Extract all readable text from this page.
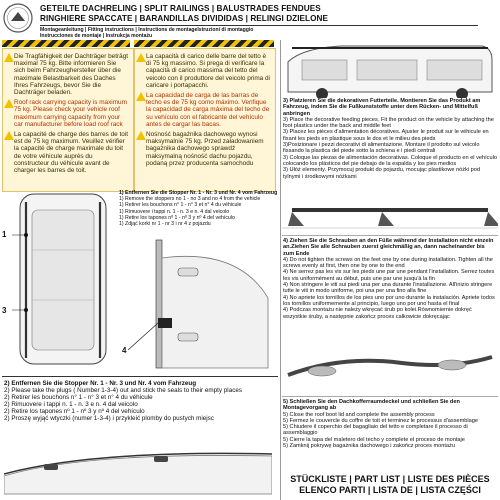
GETEILTE DACHRELING | SPLIT RAILINGS | BALUSTRADES FENDUES
RINGHIERE SPACCATE | BARANDILLAS DIVIDIDAS | RELINGI DZIELONE
Montageanleitung | Fitting instructions | Instructions de montageIstruzioni di montaggio
Instrucciones de montaje | Instrukcja montażu
Die Tragfähigkeit der Dachträger beträgt maximal 75 kg. Bitte informieren Sie sich beim Fahrzeughersteller über die maximale Belastbarkeit des Daches Ihres Fahrzeugs, bevor Sie die Dachträger beladen.
Roof rack carrying capacity is maximum 75 kg. Please check your vehicle roof maximum carrying capacity from your car manufacturer before load roof rack
La capacité de charge des barres de toit est de 75 kg maximum. Veuillez vérifier la capacité de charge maximale du toit de votre véhicule auprès du constructeur du véhicule avant de charger les barres de toit.
La capacità di carico delle barre del tetto è di 75 kg massimo. Si prega di verificare la capacità di carico massima del tetto del veicolo con il produttore del veicolo prima di caricare i portapacchi.
La capacidad de carga de las barras de techo es de 75 kg como máximo. Verifique la capacidad de carga máxima del techo de su vehículo con el fabricante del vehículo antes de cargar las bacas.
Nośność bagażnika dachowego wynosi maksymalnie 75 kg. Przed załadowaniem bagażnika dachowego sprawdź maksymalną nośność dachu pojazdu, podaną przez producenta samochodu
1
3
4
1) Entfernen Sie die Stopper Nr. 1 - Nr. 3 und Nr. 4 vom Fahrzeug
1) Remove the stoppers no 1 - no 3 and no 4 from the vehicle
1) Retirer les bouchons n° 1 - n° 3 et n° 4 du véhicule
1) Rimuovere i tappi n. 1 - n. 3 e n. 4 dal veicolo
1) Retire los tapones nº 1 - nº 3 y nº 4 del vehículo
1) Zdjąć korki nr 1 - nr 3 i nr 4 z pojazdu
2) Entfernen Sie die Stopper Nr. 1 - Nr. 3 und Nr. 4 vom Fahrzeug
2) Please take the plugs ( Number 1-3-4) out and stick the seals to their empty places
2) Retirer les bouchons n° 1 - n° 3 et n° 4 du véhicule
2) Rimuovere i tappi n. 1 - n. 3 e n. 4 dal veicolo
2) Retire los tapones nº 1 - nº 3 y nº 4 del vehículo
2) Proszę wyjąć wtyczki (numer 1-3-4) i przykleić plomby do pustych miejsc
3) Platzieren Sie die dekorativen Futterteile. Montieren Sie das Produkt am Fahrzeug, indem Sie die Fußkunststoffe unter dem Rücken- und Mittelfuß anbringen
3) Place the decorative feeding pieces. Fit the product on the vehicle by attaching the foot plastics under the back and middle feet
3) Placez les pièces d'alimentation décoratives. Ajuster le produit sur le véhicule en fixant les pieds en plastique sous le dos et le milieu des pieds
3)Posizionare i pezzi decorativi di alimentazione. Montare il prodotto sul veicolo fissando la plastica del piede sotto la schiena e i piedi centrali
3) Coloque las piezas de alimentación decorativas. Coloque el producto en el vehículo colocando los plásticos del pie debajo de la espalda y los pies medios
3) Ułóż elementy. Przymocuj produkt do pojazdu, mocując plastikowe nóżki pod tylnymi i środkowymi nóżkami
4) Ziehen Sie die Schrauben an den Füße während der Installation nicht einzeln an.Ziehen Sie alle Schrauben zuerst gleichmäßig an, dann nacheinander bis zum Ende
4) Do not tighten the screws on the feet one by one during installation. Tighten all the screws evenly at first, then one by one to the end
4) Ne serrez pas les vis sur les pieds une par une pendant l'installation. Serrez toutes les vis uniformément au début, puis une par une jusqu'à la fin
4) Non stringere le viti sui piedi una per una durante l'installazione. All'inizio stringere tutte le viti in modo uniforme, poi una per una fino alla fine
4) No apriete los tornillos de los pies uno por uno durante la instalación. Apriete todos los tornillos uniformemente al principio, luego uno por uno hasta el final
4) Podczas montażu nie należy wkręcać śrub po kolei.Równomiernie dokręć wszystkie śruby, a następnie zakończ proces całkowicie dokręcając
5) Schließen Sie den Dachkofferraumdeckel und schließen Sie den Montagevorgang ab
5) Close the roof boot lid and complete the assembly process
5) Fermez le couvercle du coffre de toit et terminez le processus d'assemblage
5) Chiudere il coperchio del bagagliaio del tetto e completare il processo di assemblaggio
5) Cierre la tapa del maletero del techo y complete el proceso de montaje
5) Zamknij pokrywę bagażnika dachowego i zakończ proces montażu
STÜCKLISTE | PART LIST | LISTE DES PIÈCES
ELENCO PARTI | LISTA DE | LISTA CZĘŚCI
